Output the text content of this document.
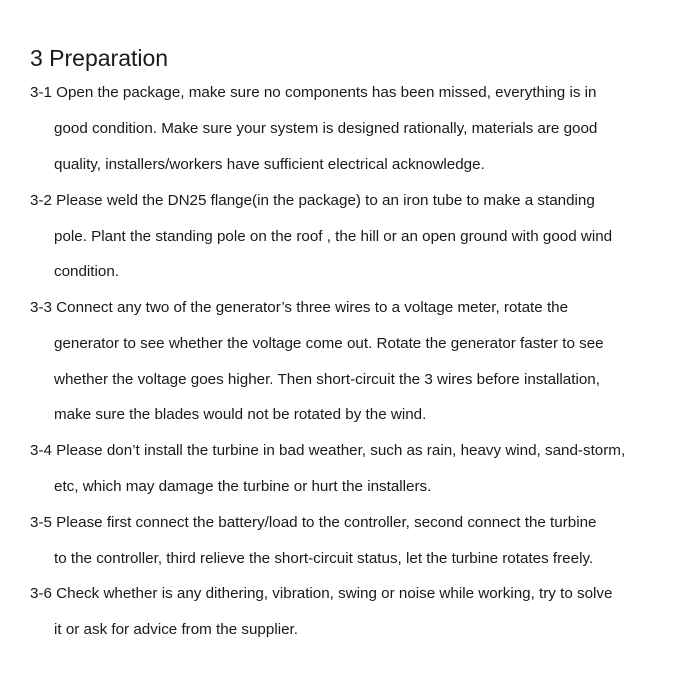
3 Preparation

3-1 Open the package, make sure no components has been missed, everything is in

good condition. Make sure your system is designed rationally, materials are good

quality, installers/workers have sufficient electrical acknowledge.

3-2 Please weld the DN25 flange(in the package) to an iron tube to make a standing

pole. Plant the standing pole on the roof , the hill or an open ground with good wind

condition.

3-3 Connect any two of the generator’s three wires to a voltage meter, rotate the

generator to see whether the voltage come out. Rotate the generator faster to see

whether the voltage goes higher. Then short-circuit the 3 wires before installation,

make sure the blades would not be rotated by the wind.

3-4 Please don’t install the turbine in bad weather, such as rain, heavy wind, sand-storm,

etc, which may damage the turbine or hurt the installers.

3-5 Please first connect the battery/load to the controller, second connect the turbine

to the controller, third relieve the short-circuit status, let the turbine rotates freely.

3-6 Check whether is any dithering, vibration, swing or noise while working, try to solve

it or ask for advice from the supplier.
